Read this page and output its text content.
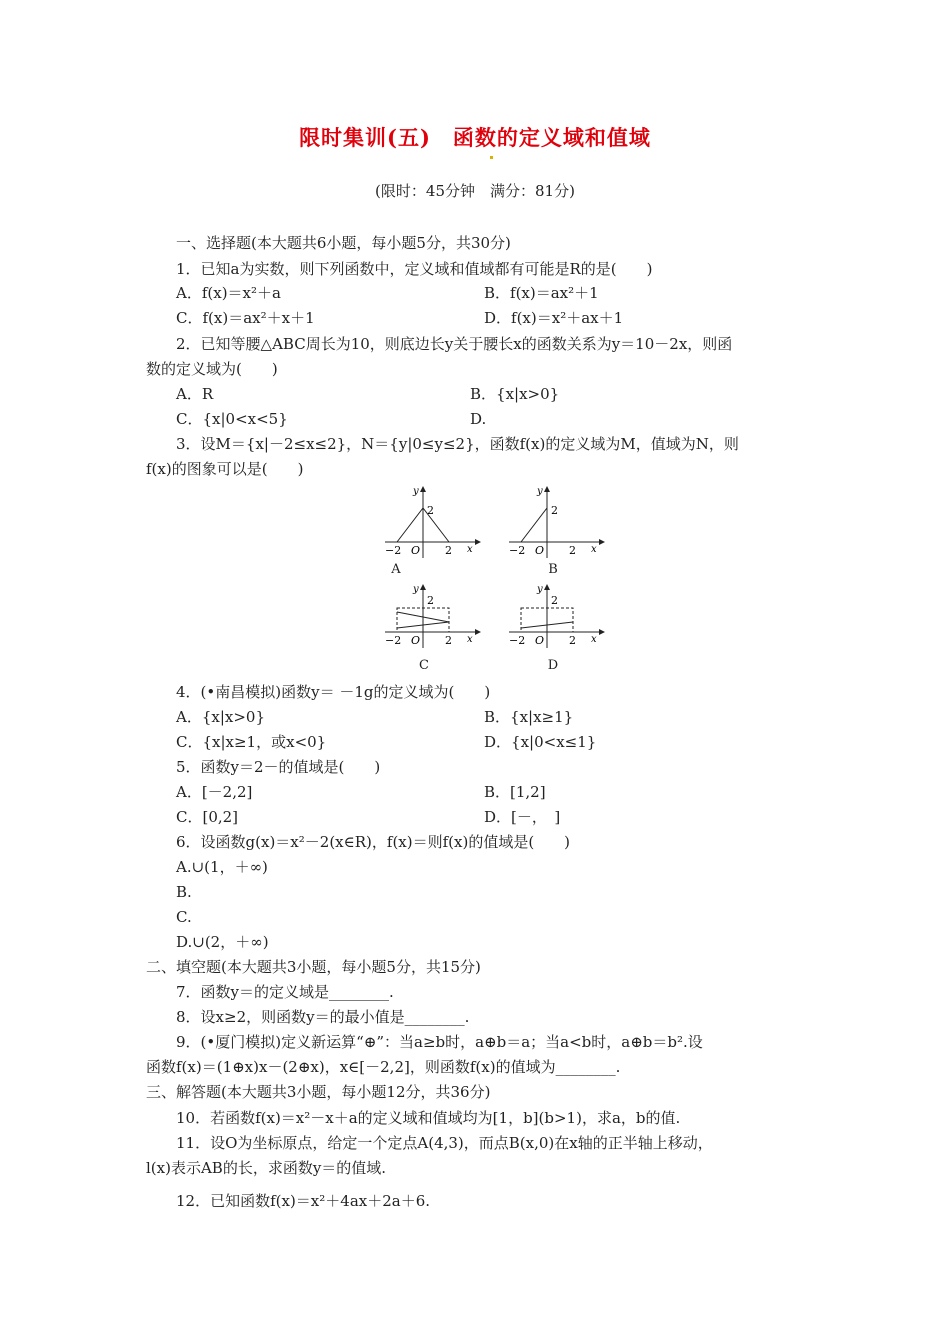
限时集训(五)　函数的定义域和值域
(限时：45分钟　满分：81分)
一、选择题(本大题共6小题，每小题5分，共30分)
1．已知a为实数，则下列函数中，定义域和值域都有可能是R的是(　　)
A．f(x)＝x²＋a	B．f(x)＝ax²＋1
C．f(x)＝ax²＋x＋1	D．f(x)＝x²＋ax＋1
2．已知等腰△ABC周长为10，则底边长y关于腰长x的函数关系为y＝10－2x，则函
数的定义域为(　　)
A．R	B．{x|x>0}
C．{x|0<x<5}	D.
3．设M＝{x|－2≤x≤2}，N＝{y|0≤y≤2}，函数f(x)的定义域为M，值域为N，则
f(x)的图象可以是(　　)
4．(•南昌模拟)函数y＝ －1g的定义域为(　　)
A．{x|x>0}	B．{x|x≥1}
C．{x|x≥1，或x<0}	D．{x|0<x≤1}
5．函数y＝2－的值域是(　　)
A．[－2,2]	B．[1,2]
C．[0,2]	D．[－，　]
6．设函数g(x)＝x²－2(x∈R)，f(x)＝则f(x)的值域是(　　)
A.∪(1，＋∞)
B.
C.
D.∪(2，＋∞)
二、填空题(本大题共3小题，每小题5分，共15分)
7．函数y＝的定义域是________.
8．设x≥2，则函数y＝的最小值是________.
9．(•厦门模拟)定义新运算“⊕”：当a≥b时，a⊕b＝a；当a<b时，a⊕b＝b².设
函数f(x)＝(1⊕x)x－(2⊕x)，x∈[－2,2]，则函数f(x)的值域为________.
三、解答题(本大题共3小题，每小题12分，共36分)
10．若函数f(x)＝x²－x＋a的定义域和值域均为[1，b](b>1)，求a，b的值.
11．设O为坐标原点，给定一个定点A(4,3)，而点B(x,0)在x轴的正半轴上移动，
l(x)表示AB的长，求函数y＝的值域.
12．已知函数f(x)＝x²＋4ax＋2a＋6.
y
2
−2 O 2 x
A
y
2
−2 O 2 x
B
y
2
−2 O 2 x
C
y
2
−2 O 2 x
D
